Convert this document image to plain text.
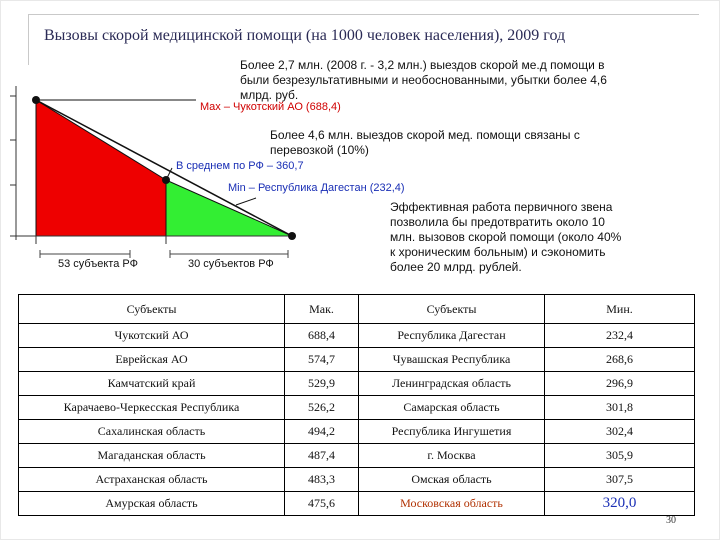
Вызовы скорой медицинской помощи (на 1000 человек населения), 2009 год
Более 2,7 млн. (2008 г. - 3,2 млн.) выездов скорой ме.д помощи в
были безрезультативными и необоснованными, убытки более 4,6
млрд. руб.
Max – Чукотский АО (688,4)
Более 4,6 млн. выездов скорой мед. помощи связаны с
перевозкой (10%)
В среднем по РФ – 360,7
Min – Республика Дагестан (232,4)
Эффективная работа первичного звена
позволила бы предотвратить около 10
млн. вызовов скорой помощи (около 40%
к хроническим больным) и сэкономить
более 20 млрд. рублей.
53 субъекта РФ	30 субъектов РФ
Субъекты	Мак.	Субъекты	Мин.
Чукотский АО	688,4	Республика Дагестан	232,4
Еврейская АО	574,7	Чувашская Республика	268,6
Камчатский край	529,9	Ленинградская область	296,9
Карачаево-Черкесская Республика	526,2	Самарская область	301,8
Сахалинская область	494,2	Республика Ингушетия	302,4
Магаданская область	487,4	г. Москва	305,9
Астраханская область	483,3	Омская область	307,5
Амурская область	475,6	Московская область	320,0
30
